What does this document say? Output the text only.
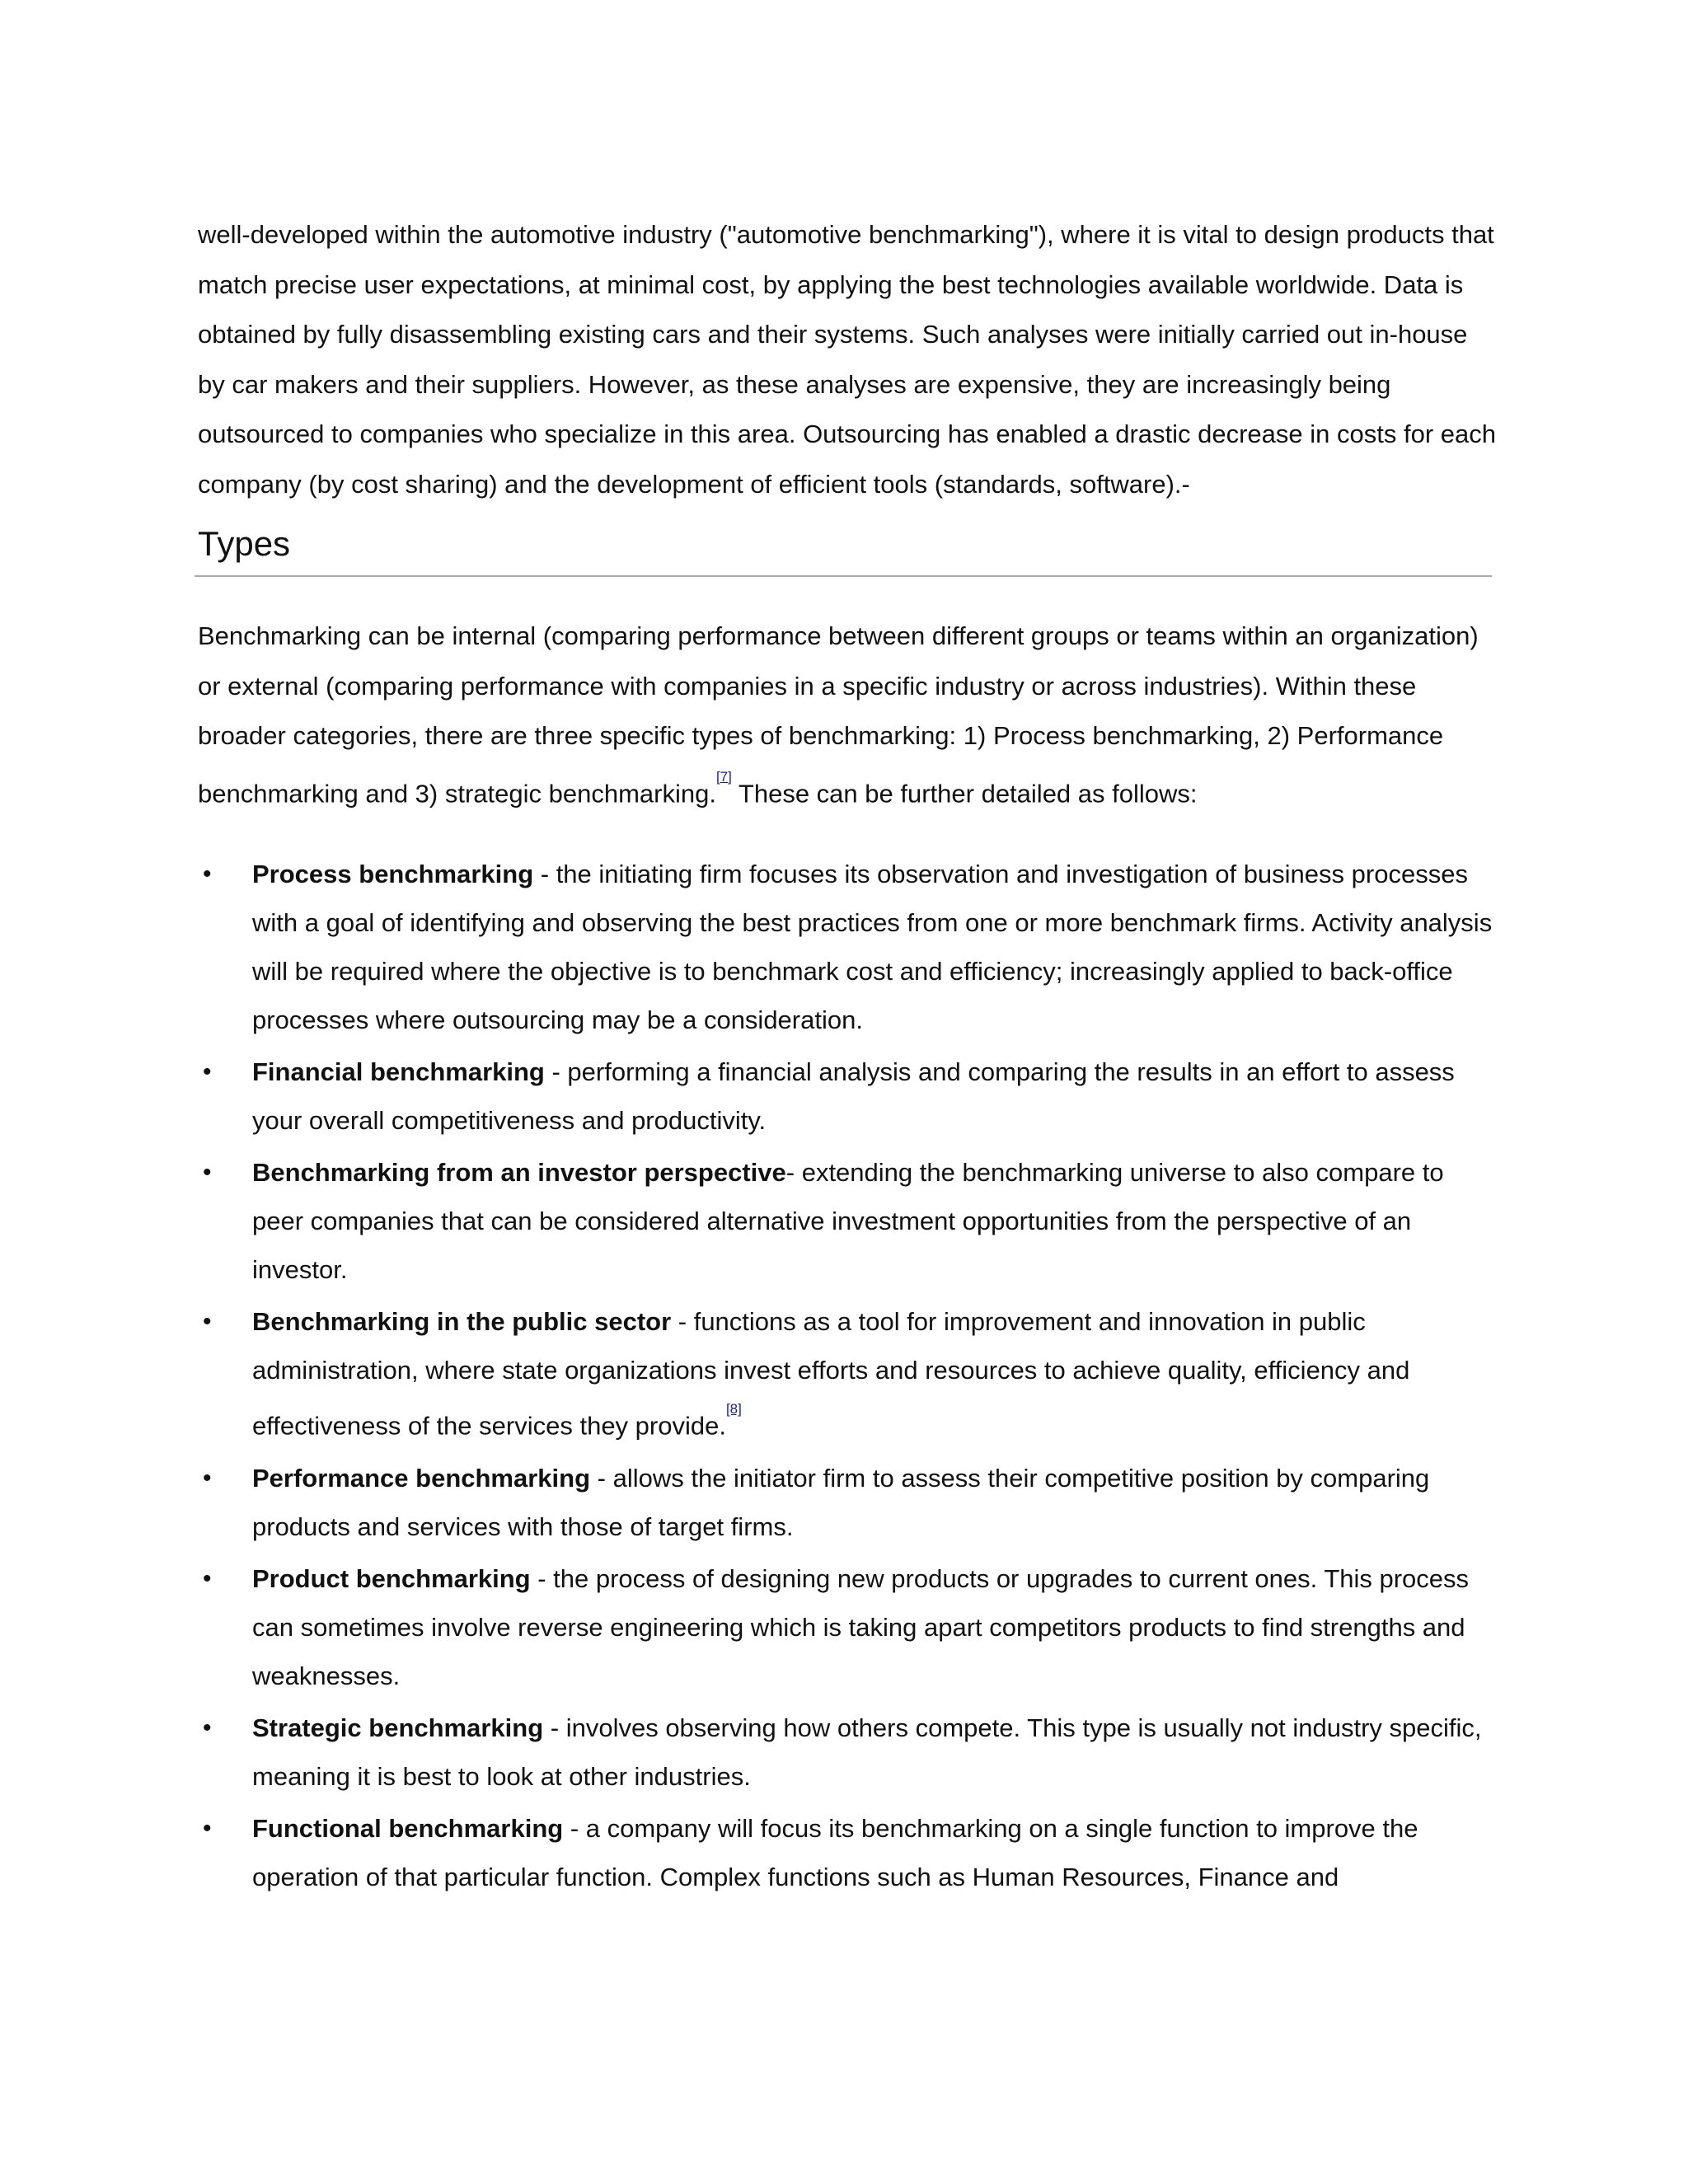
well-developed within the automotive industry ("automotive benchmarking"), where it is vital to design products that match precise user expectations, at minimal cost, by applying the best technologies available worldwide. Data is obtained by fully disassembling existing cars and their systems. Such analyses were initially carried out in-house by car makers and their suppliers. However, as these analyses are expensive, they are increasingly being outsourced to companies who specialize in this area. Outsourcing has enabled a drastic decrease in costs for each company (by cost sharing) and the development of efficient tools (standards, software).-

Types

Benchmarking can be internal (comparing performance between different groups or teams within an organization) or external (comparing performance with companies in a specific industry or across industries). Within these broader categories, there are three specific types of benchmarking: 1) Process benchmarking, 2) Performance benchmarking and 3) strategic benchmarking.[7] These can be further detailed as follows:

• Process benchmarking - the initiating firm focuses its observation and investigation of business processes with a goal of identifying and observing the best practices from one or more benchmark firms. Activity analysis will be required where the objective is to benchmark cost and efficiency; increasingly applied to back-office processes where outsourcing may be a consideration.
• Financial benchmarking - performing a financial analysis and comparing the results in an effort to assess your overall competitiveness and productivity.
• Benchmarking from an investor perspective- extending the benchmarking universe to also compare to peer companies that can be considered alternative investment opportunities from the perspective of an investor.
• Benchmarking in the public sector - functions as a tool for improvement and innovation in public administration, where state organizations invest efforts and resources to achieve quality, efficiency and effectiveness of the services they provide.[8]
• Performance benchmarking - allows the initiator firm to assess their competitive position by comparing products and services with those of target firms.
• Product benchmarking - the process of designing new products or upgrades to current ones. This process can sometimes involve reverse engineering which is taking apart competitors products to find strengths and weaknesses.
• Strategic benchmarking - involves observing how others compete. This type is usually not industry specific, meaning it is best to look at other industries.
• Functional benchmarking - a company will focus its benchmarking on a single function to improve the operation of that particular function. Complex functions such as Human Resources, Finance and
